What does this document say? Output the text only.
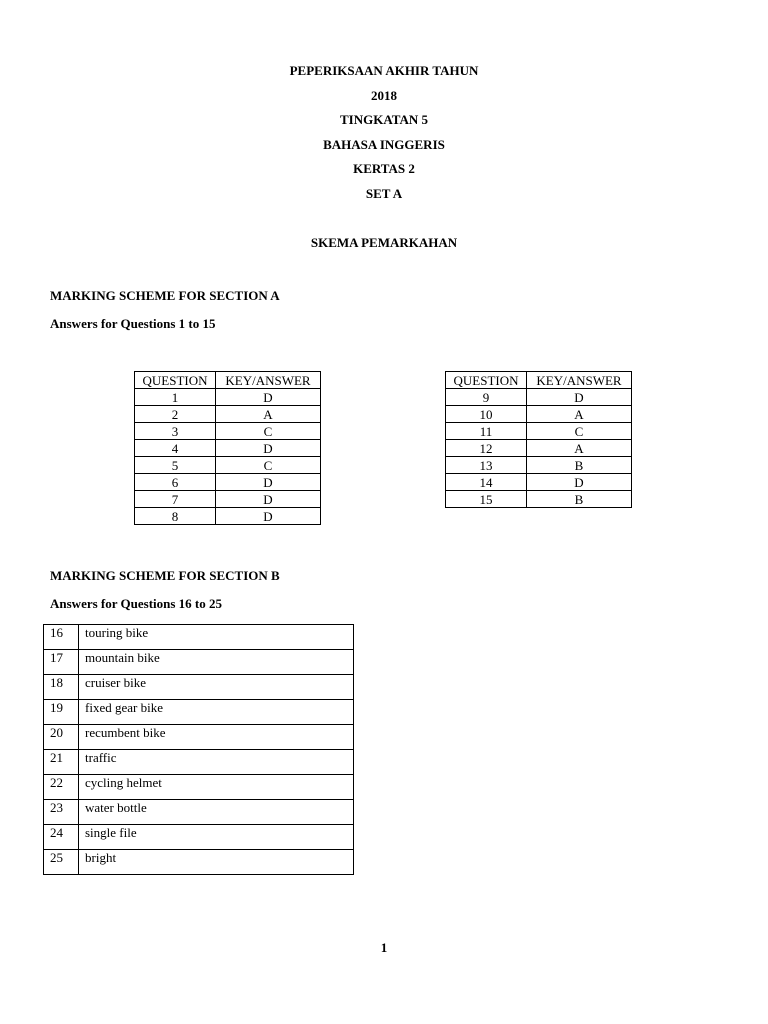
PEPERIKSAAN AKHIR TAHUN
2018
TINGKATAN 5
BAHASA INGGERIS
KERTAS 2
SET A
SKEMA PEMARKAHAN
MARKING SCHEME FOR SECTION A
Answers for Questions 1 to 15
QUESTION	KEY/ANSWER
1	D
2	A
3	C
4	D
5	C
6	D
7	D
8	D
QUESTION	KEY/ANSWER
9	D
10	A
11	C
12	A
13	B
14	D
15	B
MARKING SCHEME FOR SECTION B
Answers for Questions 16 to 25
16	touring bike
17	mountain bike
18	cruiser bike
19	fixed gear bike
20	recumbent bike
21	traffic
22	cycling helmet
23	water bottle
24	single file
25	bright
1
